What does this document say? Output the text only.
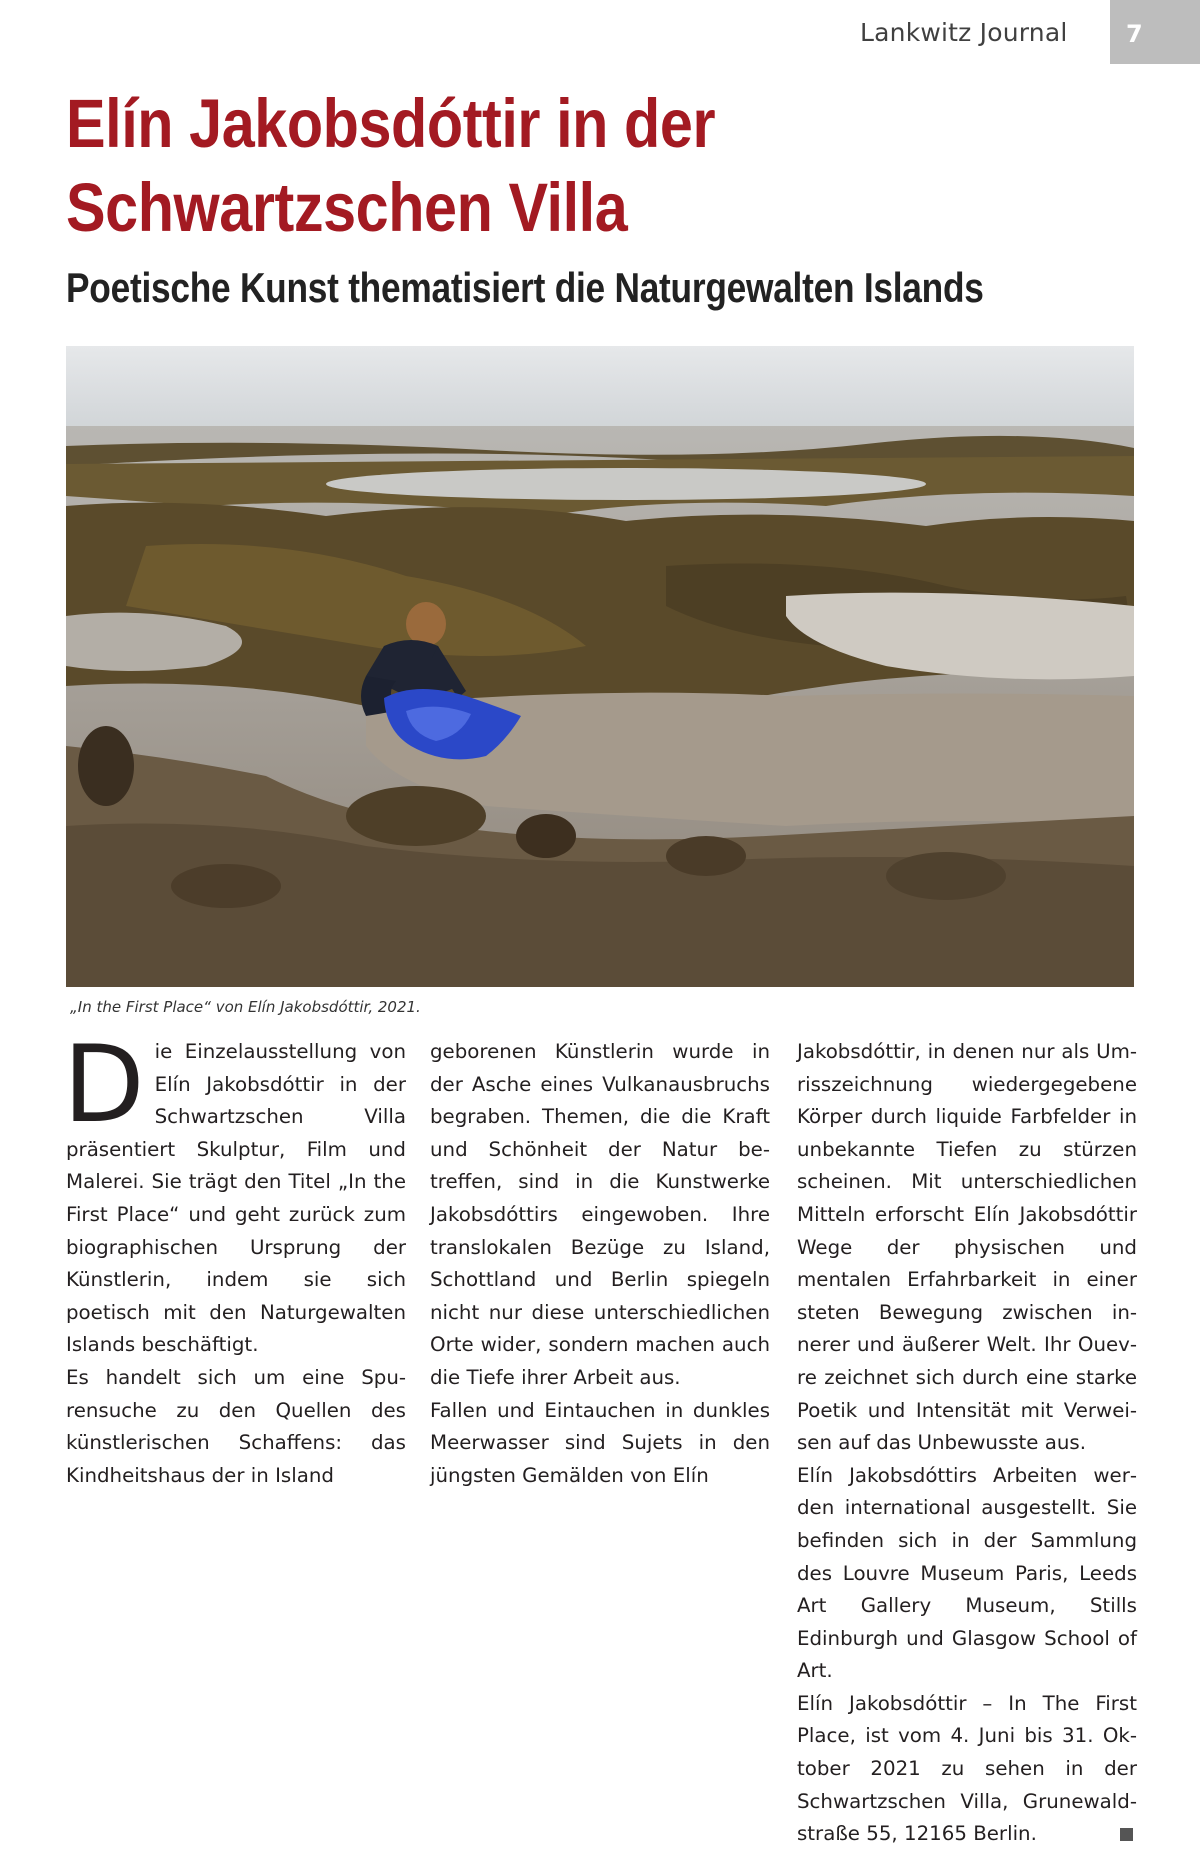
Lankwitz Journal	7
Elín Jakobsdóttir in der
Schwartzschen Villa
Poetische Kunst thematisiert die Naturgewalten Islands
„In the First Place“ von Elín Jakobsdóttir, 2021.

Die Einzelausstellung von Elín Jakobsdóttir in der Schwartzschen Villa präsentiert Skulptur, Film und Malerei. Sie trägt den Titel „In the First Place“ und geht zurück zum biographischen Ursprung der Künstlerin, indem sie sich poetisch mit den Naturgewalten Islands beschäftigt.

Es handelt sich um eine Spurensuche zu den Quellen des künstlerischen Schaffens: das Kindheitshaus der in Island

geborenen Künstlerin wurde in der Asche eines Vulkanausbruchs begraben. Themen, die die Kraft und Schönheit der Natur betreffen, sind in die Kunstwerke Jakobsdóttirs eingewoben. Ihre translokalen Bezüge zu Island, Schottland und Berlin spiegeln nicht nur diese unterschiedlichen Orte wider, sondern machen auch die Tiefe ihrer Arbeit aus.

Fallen und Eintauchen in dunkles Meerwasser sind Sujets in den jüngsten Gemälden von Elín

Jakobsdóttir, in denen nur als Umrisszeichnung wiedergegebene Körper durch liquide Farbfelder in unbekannte Tiefen zu stürzen scheinen. Mit unterschiedlichen Mitteln erforscht Elín Jakobsdóttir Wege der physischen und mentalen Erfahrbarkeit in einer steten Bewegung zwischen innerer und äußerer Welt. Ihr Ouevre zeichnet sich durch eine starke Poetik und Intensität mit Verweisen auf das Unbewusste aus.

Elín Jakobsdóttirs Arbeiten werden international ausgestellt. Sie befinden sich in der Sammlung des Louvre Museum Paris, Leeds Art Gallery Museum, Stills Edinburgh und Glasgow School of Art.

Elín Jakobsdóttir – In The First Place, ist vom 4. Juni bis 31. Oktober 2021 zu sehen in der Schwartzschen Villa, Grunewaldstraße 55, 12165 Berlin.
